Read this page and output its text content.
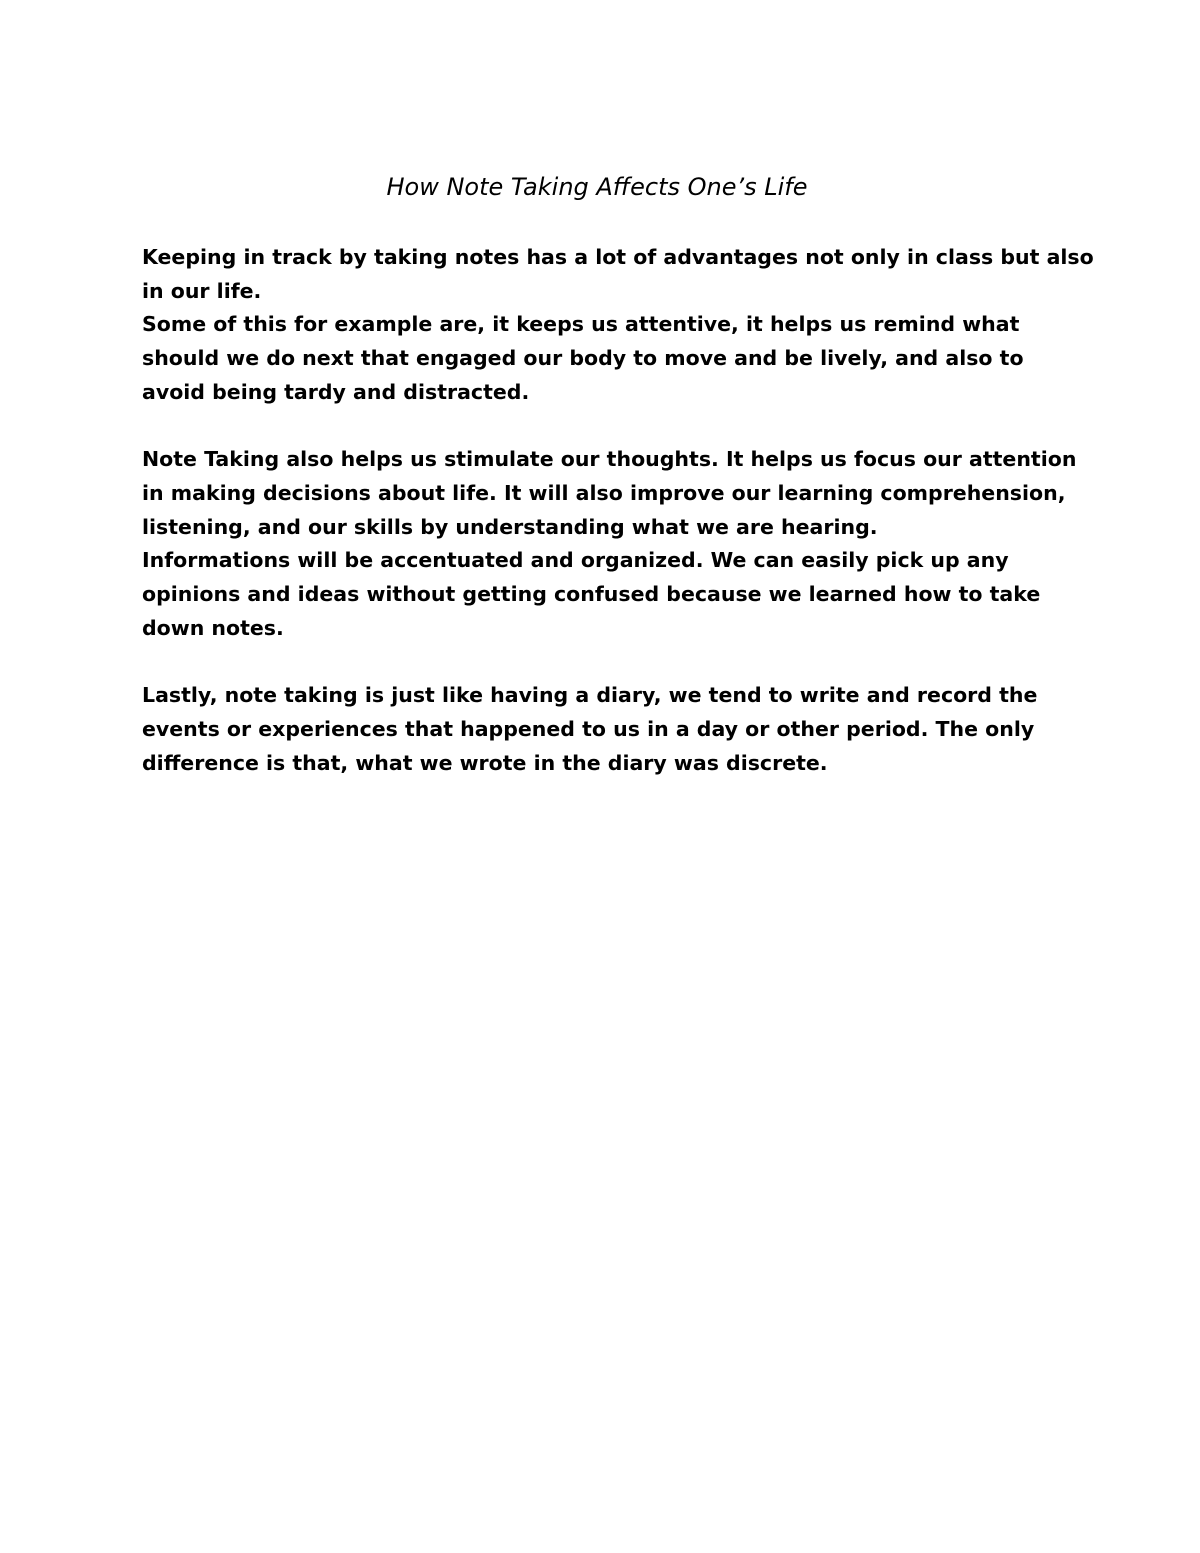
How Note Taking Affects One’s Life
Keeping in track by taking notes has a lot of advantages not only in class but also
in our life.
Some of this for example are, it keeps us attentive, it helps us remind what
should we do next that engaged our body to move and be lively, and also to
avoid being tardy and distracted.
Note Taking also helps us stimulate our thoughts. It helps us focus our attention
in making decisions about life. It will also improve our learning comprehension,
listening, and our skills by understanding what we are hearing.
Informations will be accentuated and organized. We can easily pick up any
opinions and ideas without getting confused because we learned how to take
down notes.
Lastly, note taking is just like having a diary, we tend to write and record the
events or experiences that happened to us in a day or other period. The only
difference is that, what we wrote in the diary was discrete.
